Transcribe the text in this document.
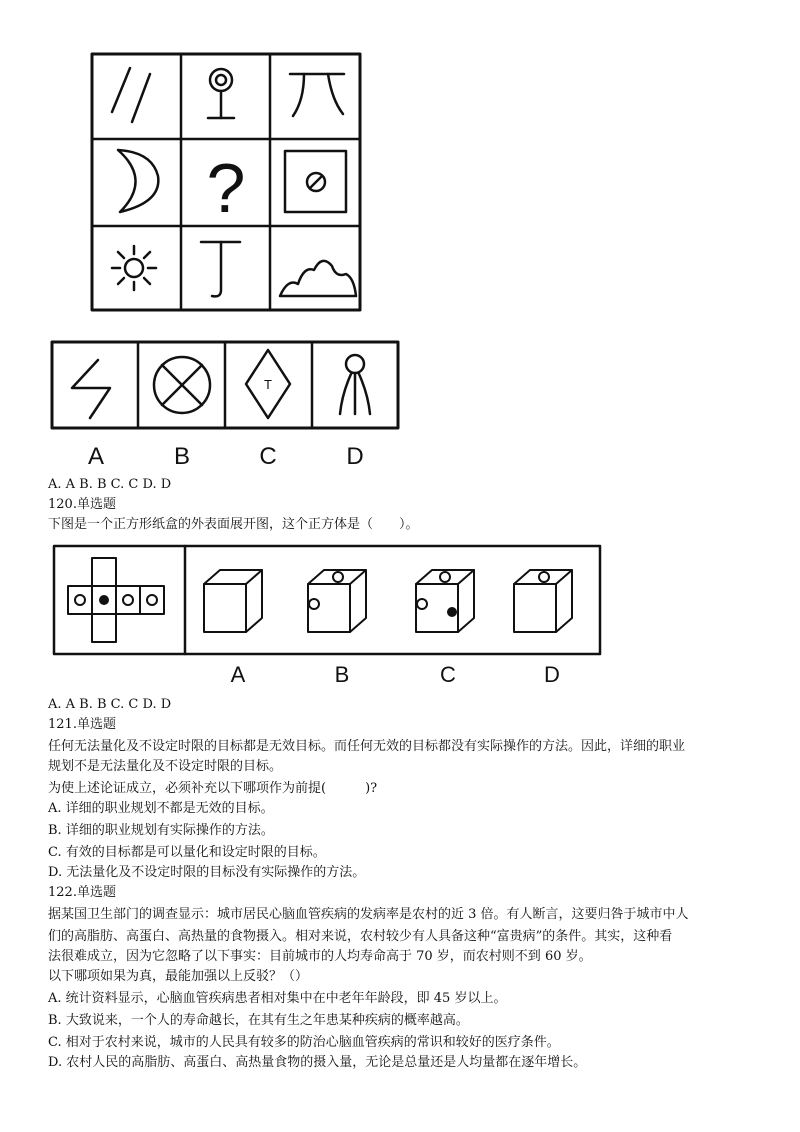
?
T
A	B	C	D
A. A B. B C. C D. D
120.单选题
下图是一个正方形纸盒的外表面展开图，这个正方体是（　　）。
A	B	C	D
A. A B. B C. C D. D
121.单选题
任何无法量化及不设定时限的目标都是无效目标。而任何无效的目标都没有实际操作的方法。因此，详细的职业
规划不是无法量化及不设定时限的目标。
为使上述论证成立，必须补充以下哪项作为前提(　　　)?
A. 详细的职业规划不都是无效的目标。
B. 详细的职业规划有实际操作的方法。
C. 有效的目标都是可以量化和设定时限的目标。
D. 无法量化及不设定时限的目标没有实际操作的方法。
122.单选题
据某国卫生部门的调查显示：城市居民心脑血管疾病的发病率是农村的近 3 倍。有人断言，这要归咎于城市中人
们的高脂肪、高蛋白、高热量的食物摄入。相对来说，农村较少有人具备这种“富贵病”的条件。其实，这种看
法很难成立，因为它忽略了以下事实：目前城市的人均寿命高于 70 岁，而农村则不到 60 岁。
以下哪项如果为真，最能加强以上反驳？（）
A. 统计资料显示，心脑血管疾病患者相对集中在中老年年龄段，即 45 岁以上。
B. 大致说来，一个人的寿命越长，在其有生之年患某种疾病的概率越高。
C. 相对于农村来说，城市的人民具有较多的防治心脑血管疾病的常识和较好的医疗条件。
D. 农村人民的高脂肪、高蛋白、高热量食物的摄入量，无论是总量还是人均量都在逐年增长。
